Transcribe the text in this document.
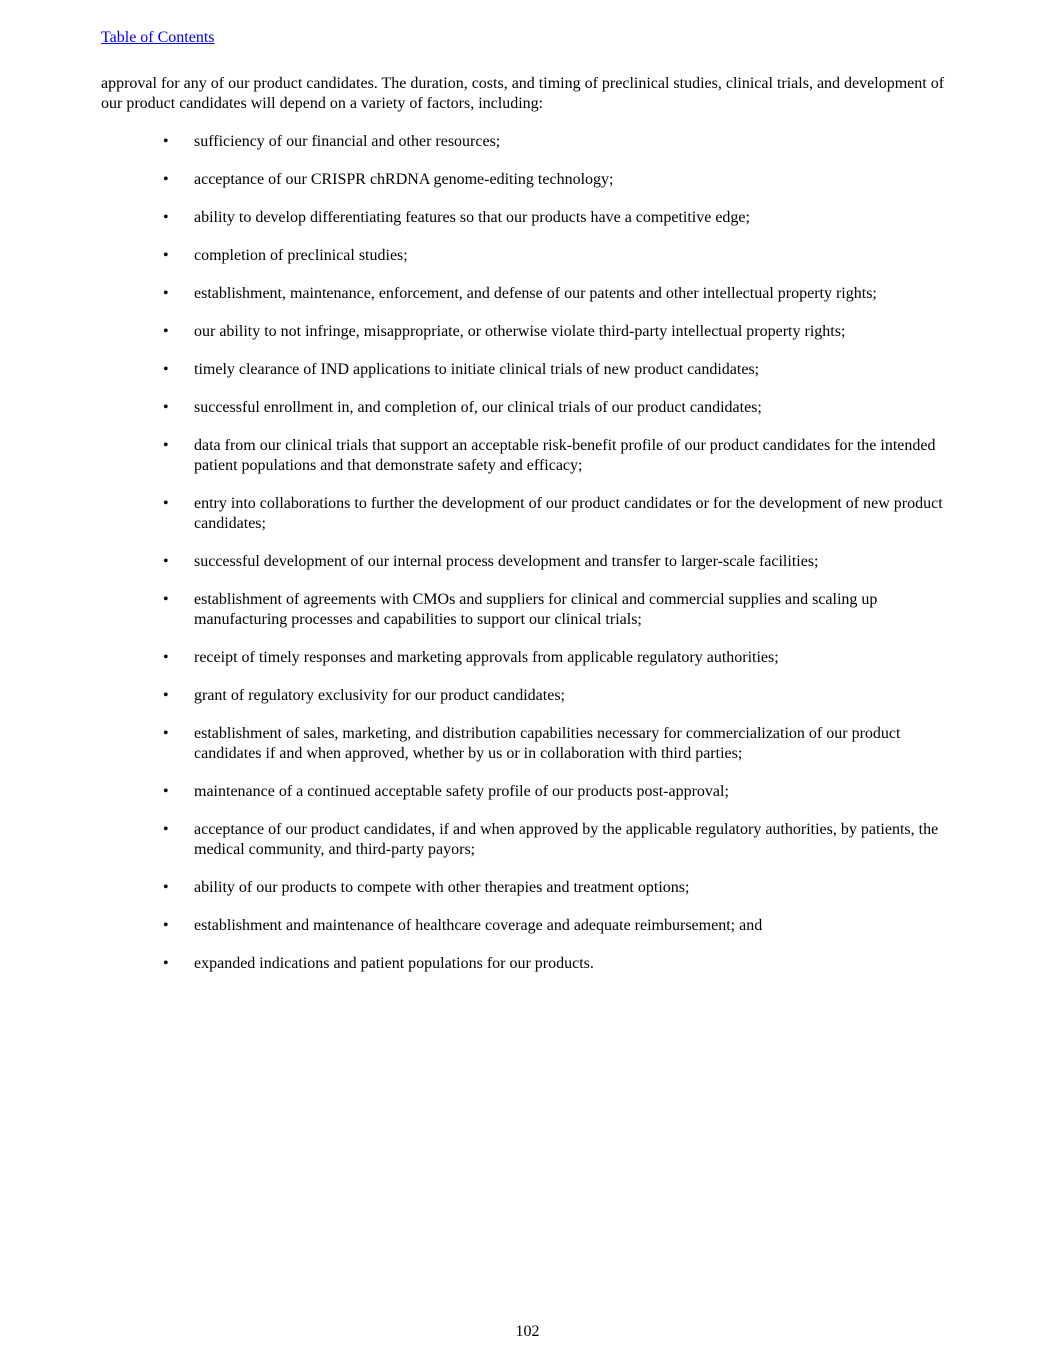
Table of Contents

approval for any of our product candidates. The duration, costs, and timing of preclinical studies, clinical trials, and development of our product candidates will depend on a variety of factors, including:

• sufficiency of our financial and other resources;
• acceptance of our CRISPR chRDNA genome-editing technology;
• ability to develop differentiating features so that our products have a competitive edge;
• completion of preclinical studies;
• establishment, maintenance, enforcement, and defense of our patents and other intellectual property rights;
• our ability to not infringe, misappropriate, or otherwise violate third-party intellectual property rights;
• timely clearance of IND applications to initiate clinical trials of new product candidates;
• successful enrollment in, and completion of, our clinical trials of our product candidates;
• data from our clinical trials that support an acceptable risk-benefit profile of our product candidates for the intended patient populations and that demonstrate safety and efficacy;
• entry into collaborations to further the development of our product candidates or for the development of new product candidates;
• successful development of our internal process development and transfer to larger-scale facilities;
• establishment of agreements with CMOs and suppliers for clinical and commercial supplies and scaling up manufacturing processes and capabilities to support our clinical trials;
• receipt of timely responses and marketing approvals from applicable regulatory authorities;
• grant of regulatory exclusivity for our product candidates;
• establishment of sales, marketing, and distribution capabilities necessary for commercialization of our product candidates if and when approved, whether by us or in collaboration with third parties;
• maintenance of a continued acceptable safety profile of our products post-approval;
• acceptance of our product candidates, if and when approved by the applicable regulatory authorities, by patients, the medical community, and third-party payors;
• ability of our products to compete with other therapies and treatment options;
• establishment and maintenance of healthcare coverage and adequate reimbursement; and
• expanded indications and patient populations for our products.
102
